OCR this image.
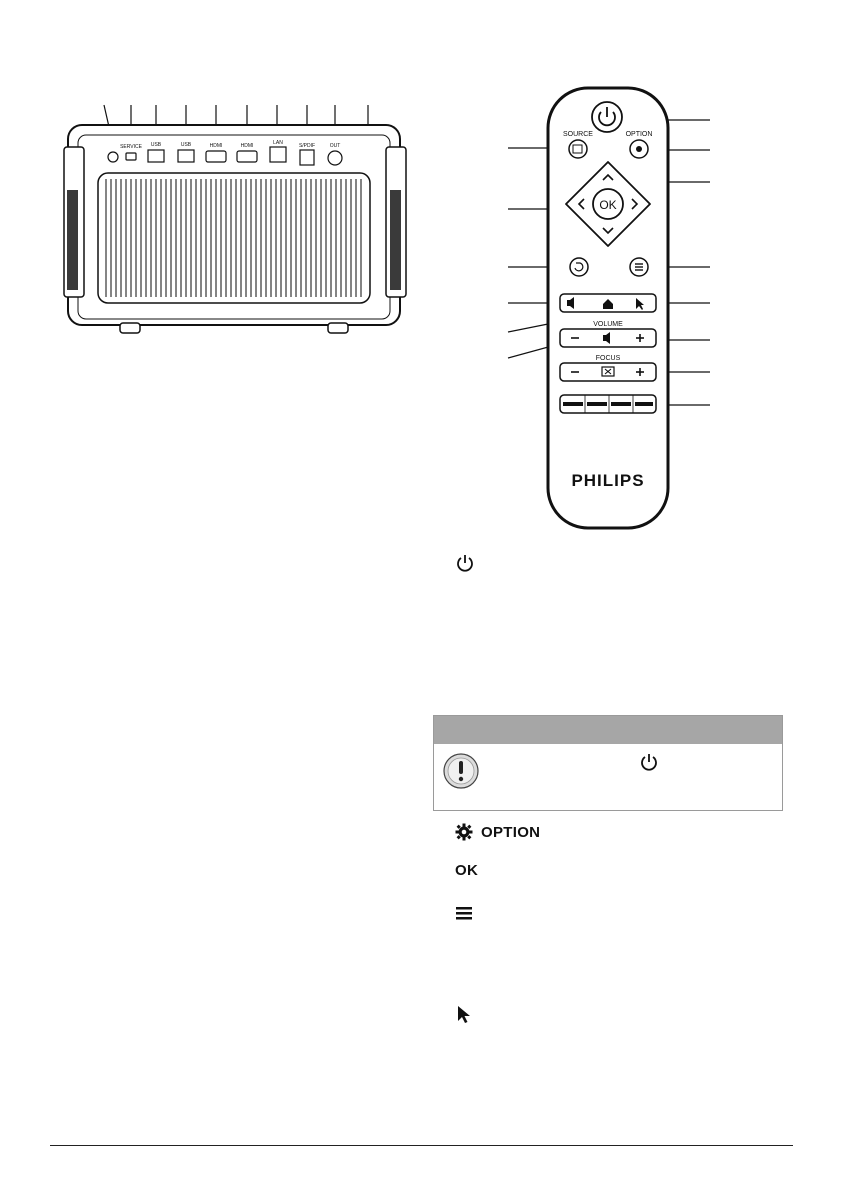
SERVICE USB	USB	HDMI	HDMI	LAN	S/PDIF	OUT
SOURCE	OPTION
OK
VOLUME
FOCUS
PHILIPS
OPTION
OK
